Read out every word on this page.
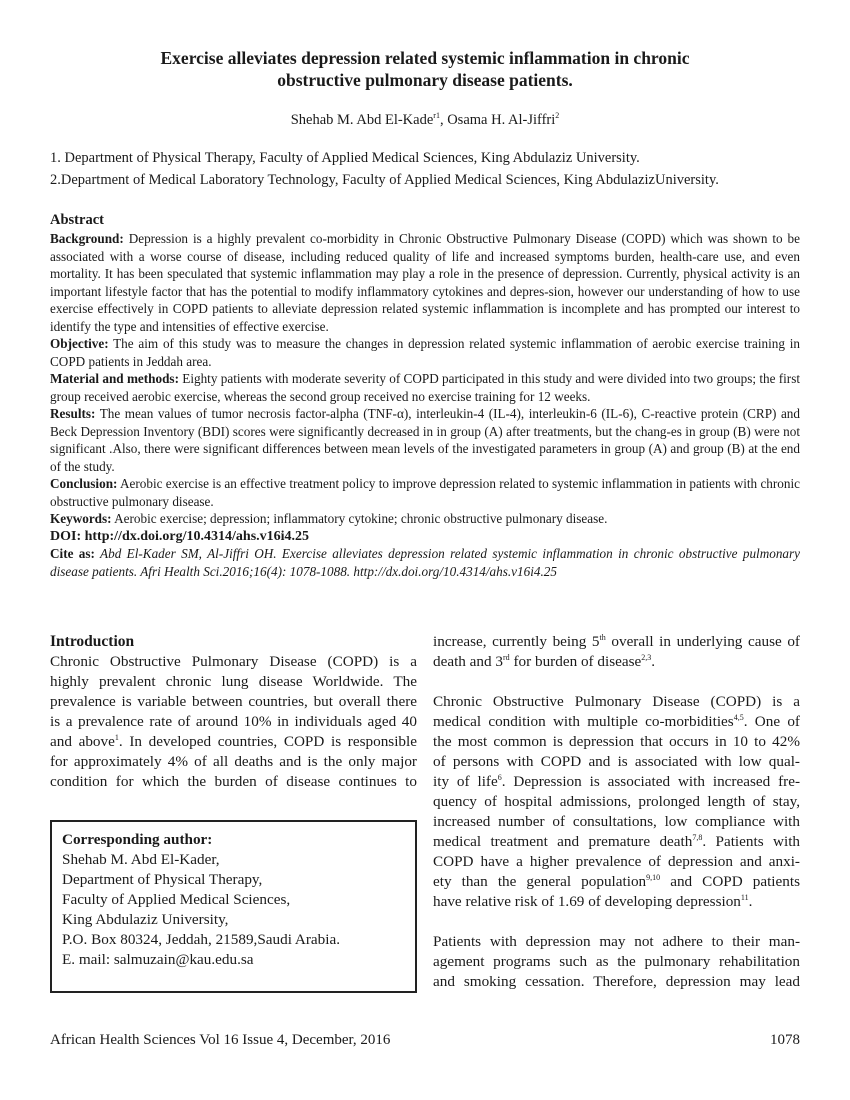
Exercise alleviates depression related systemic inflammation in chronic
obstructive pulmonary disease patients.
Shehab M. Abd El-Kade$^{r1}$, Osama H. Al-Jiffri$^2$
1. Department of Physical Therapy, Faculty of Applied Medical Sciences, King Abdulaziz University.
2.Department of Medical Laboratory Technology, Faculty of Applied Medical Sciences, King AbdulazizUniversity.
Abstract

Background: Depression is a highly prevalent co-morbidity in Chronic Obstructive Pulmonary Disease (COPD) which was shown to be associated with a worse course of disease, including reduced quality of life and increased symptoms burden, health-care use, and even mortality. It has been speculated that systemic inflammation may play a role in the presence of depression. Currently, physical activity is an important lifestyle factor that has the potential to modify inflammatory cytokines and depres-sion, however our understanding of how to use exercise effectively in COPD patients to alleviate depression related systemic inflammation is incomplete and has prompted our interest to identify the type and intensities of effective exercise.

Objective: The aim of this study was to measure the changes in depression related systemic inflammation of aerobic exercise training in COPD patients in Jeddah area.

Material and methods: Eighty patients with moderate severity of COPD participated in this study and were divided into two groups; the first group received aerobic exercise, whereas the second group received no exercise training for 12 weeks.

Results: The mean values of tumor necrosis factor-alpha (TNF-α), interleukin-4 (IL-4), interleukin-6 (IL-6), C-reactive protein (CRP) and Beck Depression Inventory (BDI) scores were significantly decreased in in group (A) after treatments, but the chang-es in group (B) were not significant .Also, there were significant differences between mean levels of the investigated parameters in group (A) and group (B) at the end of the study.

Conclusion: Aerobic exercise is an effective treatment policy to improve depression related to systemic inflammation in patients with chronic obstructive pulmonary disease.

Keywords: Aerobic exercise; depression; inflammatory cytokine; chronic obstructive pulmonary disease.

DOI: http://dx.doi.org/10.4314/ahs.v16i4.25

Cite as: Abd El-Kader SM, Al-Jiffri OH. Exercise alleviates depression related systemic inflammation in chronic obstructive pulmonary disease patients. Afri Health Sci.2016;16(4): 1078-1088. http://dx.doi.org/10.4314/ahs.v16i4.25

Introduction
Chronic Obstructive Pulmonary Disease (COPD) is a
highly prevalent chronic lung disease Worldwide. The
prevalence is variable between countries, but overall there
is a prevalence rate of around 10% in individuals aged 40
and above$^1$. In developed countries, COPD is responsible
for approximately 4% of all deaths and is the only major
condition for which the burden of disease continues to
Corresponding author:
Shehab M. Abd El-Kader,
Department of Physical Therapy,
Faculty of Applied Medical Sciences,
King Abdulaziz University,
P.O. Box 80324, Jeddah, 21589,Saudi Arabia.
E. mail: salmuzain@kau.edu.sa
increase, currently being 5th overall in underlying cause of
death and 3rd for burden of disease$^{2,3}$.
Chronic Obstructive Pulmonary Disease (COPD) is a
medical condition with multiple co-morbidities$^{4,5}$. One of
the most common is depression that occurs in 10 to 42%
of persons with COPD and is associated with low qual-
ity of life$^6$. Depression is associated with increased fre-
quency of hospital admissions, prolonged length of stay,
increased number of consultations, low compliance with
medical treatment and premature death$^{7,8}$. Patients with
COPD have a higher prevalence of depression and anxi-
ety than the general population$^{9,10}$ and COPD patients
have relative risk of 1.69 of developing depression$^{11}$.
Patients with depression may not adhere to their man-
agement programs such as the pulmonary rehabilitation
and smoking cessation. Therefore, depression may lead
African Health Sciences Vol 16 Issue 4, December, 2016	1078
